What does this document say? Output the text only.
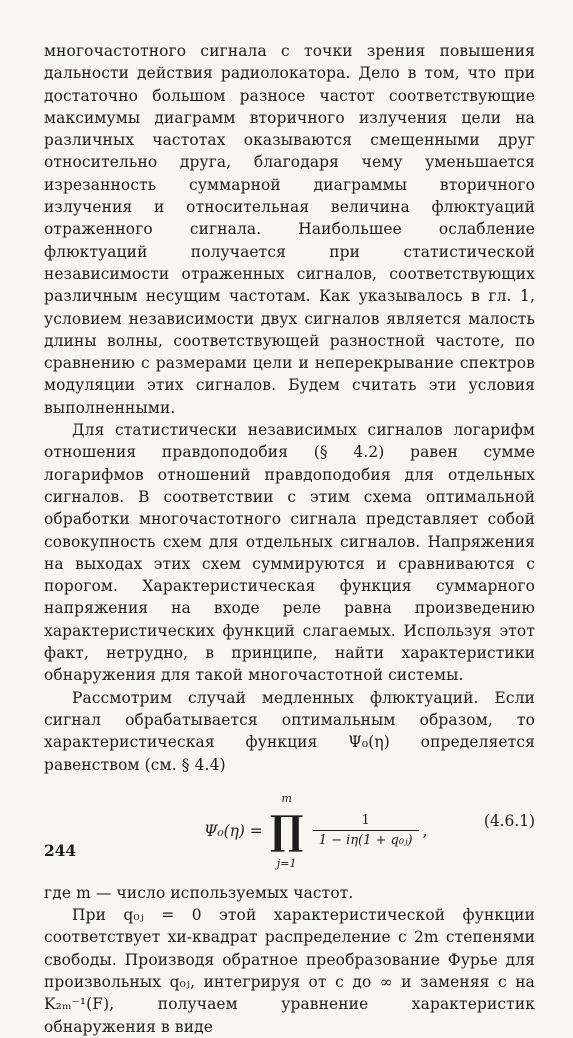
многочастотного сигнала с точки зрения повышения дальности действия радиолокатора. Дело в том, что при достаточно большом разносе частот соответствующие максимумы диаграмм вторичного излучения цели на различных частотах оказываются смещенными друг относительно друга, благодаря чему уменьшается изрезанность суммарной диаграммы вторичного излучения и относительная величина флюктуаций отраженного сигнала. Наибольшее ослабление флюктуаций получается при статистической независимости отраженных сигналов, соответствующих различным несущим частотам. Как указывалось в гл. 1, условием независимости двух сигналов является малость длины волны, соответствующей разностной частоте, по сравнению с размерами цели и неперекрывание спектров модуляции этих сигналов. Будем считать эти условия выполненными.

Для статистически независимых сигналов логарифм отношения правдоподобия (§ 4.2) равен сумме логарифмов отношений правдоподобия для отдельных сигналов. В соответствии с этим схема оптимальной обработки многочастотного сигнала представляет собой совокупность схем для отдельных сигналов. Напряжения на выходах этих схем суммируются и сравниваются с порогом. Характеристическая функция суммарного напряжения на входе реле равна произведению характеристических функций слагаемых. Используя этот факт, нетрудно, в принципе, найти характеристики обнаружения для такой многочастотной системы.

Рассмотрим случай медленных флюктуаций. Если сигнал обрабатывается оптимальным образом, то характеристическая функция Ψ₀(η) определяется равенством (см. § 4.4)

Ψ₀(η) =
m
∏
j=1
$\frac{1}{\text{1 − iη(1 + q₀ⱼ)}}$ ,
(4.6.1)

где m — число используемых частот.

При q₀ⱼ = 0 этой характеристической функции соответствует хи-квадрат распределение с 2m степенями свободы. Производя обратное преобразование Фурье для произвольных q₀ⱼ, интегрируя от c до ∞ и заменяя c на K₂ₘ⁻¹(F), получаем уравнение характеристик обнаружения в виде

244
